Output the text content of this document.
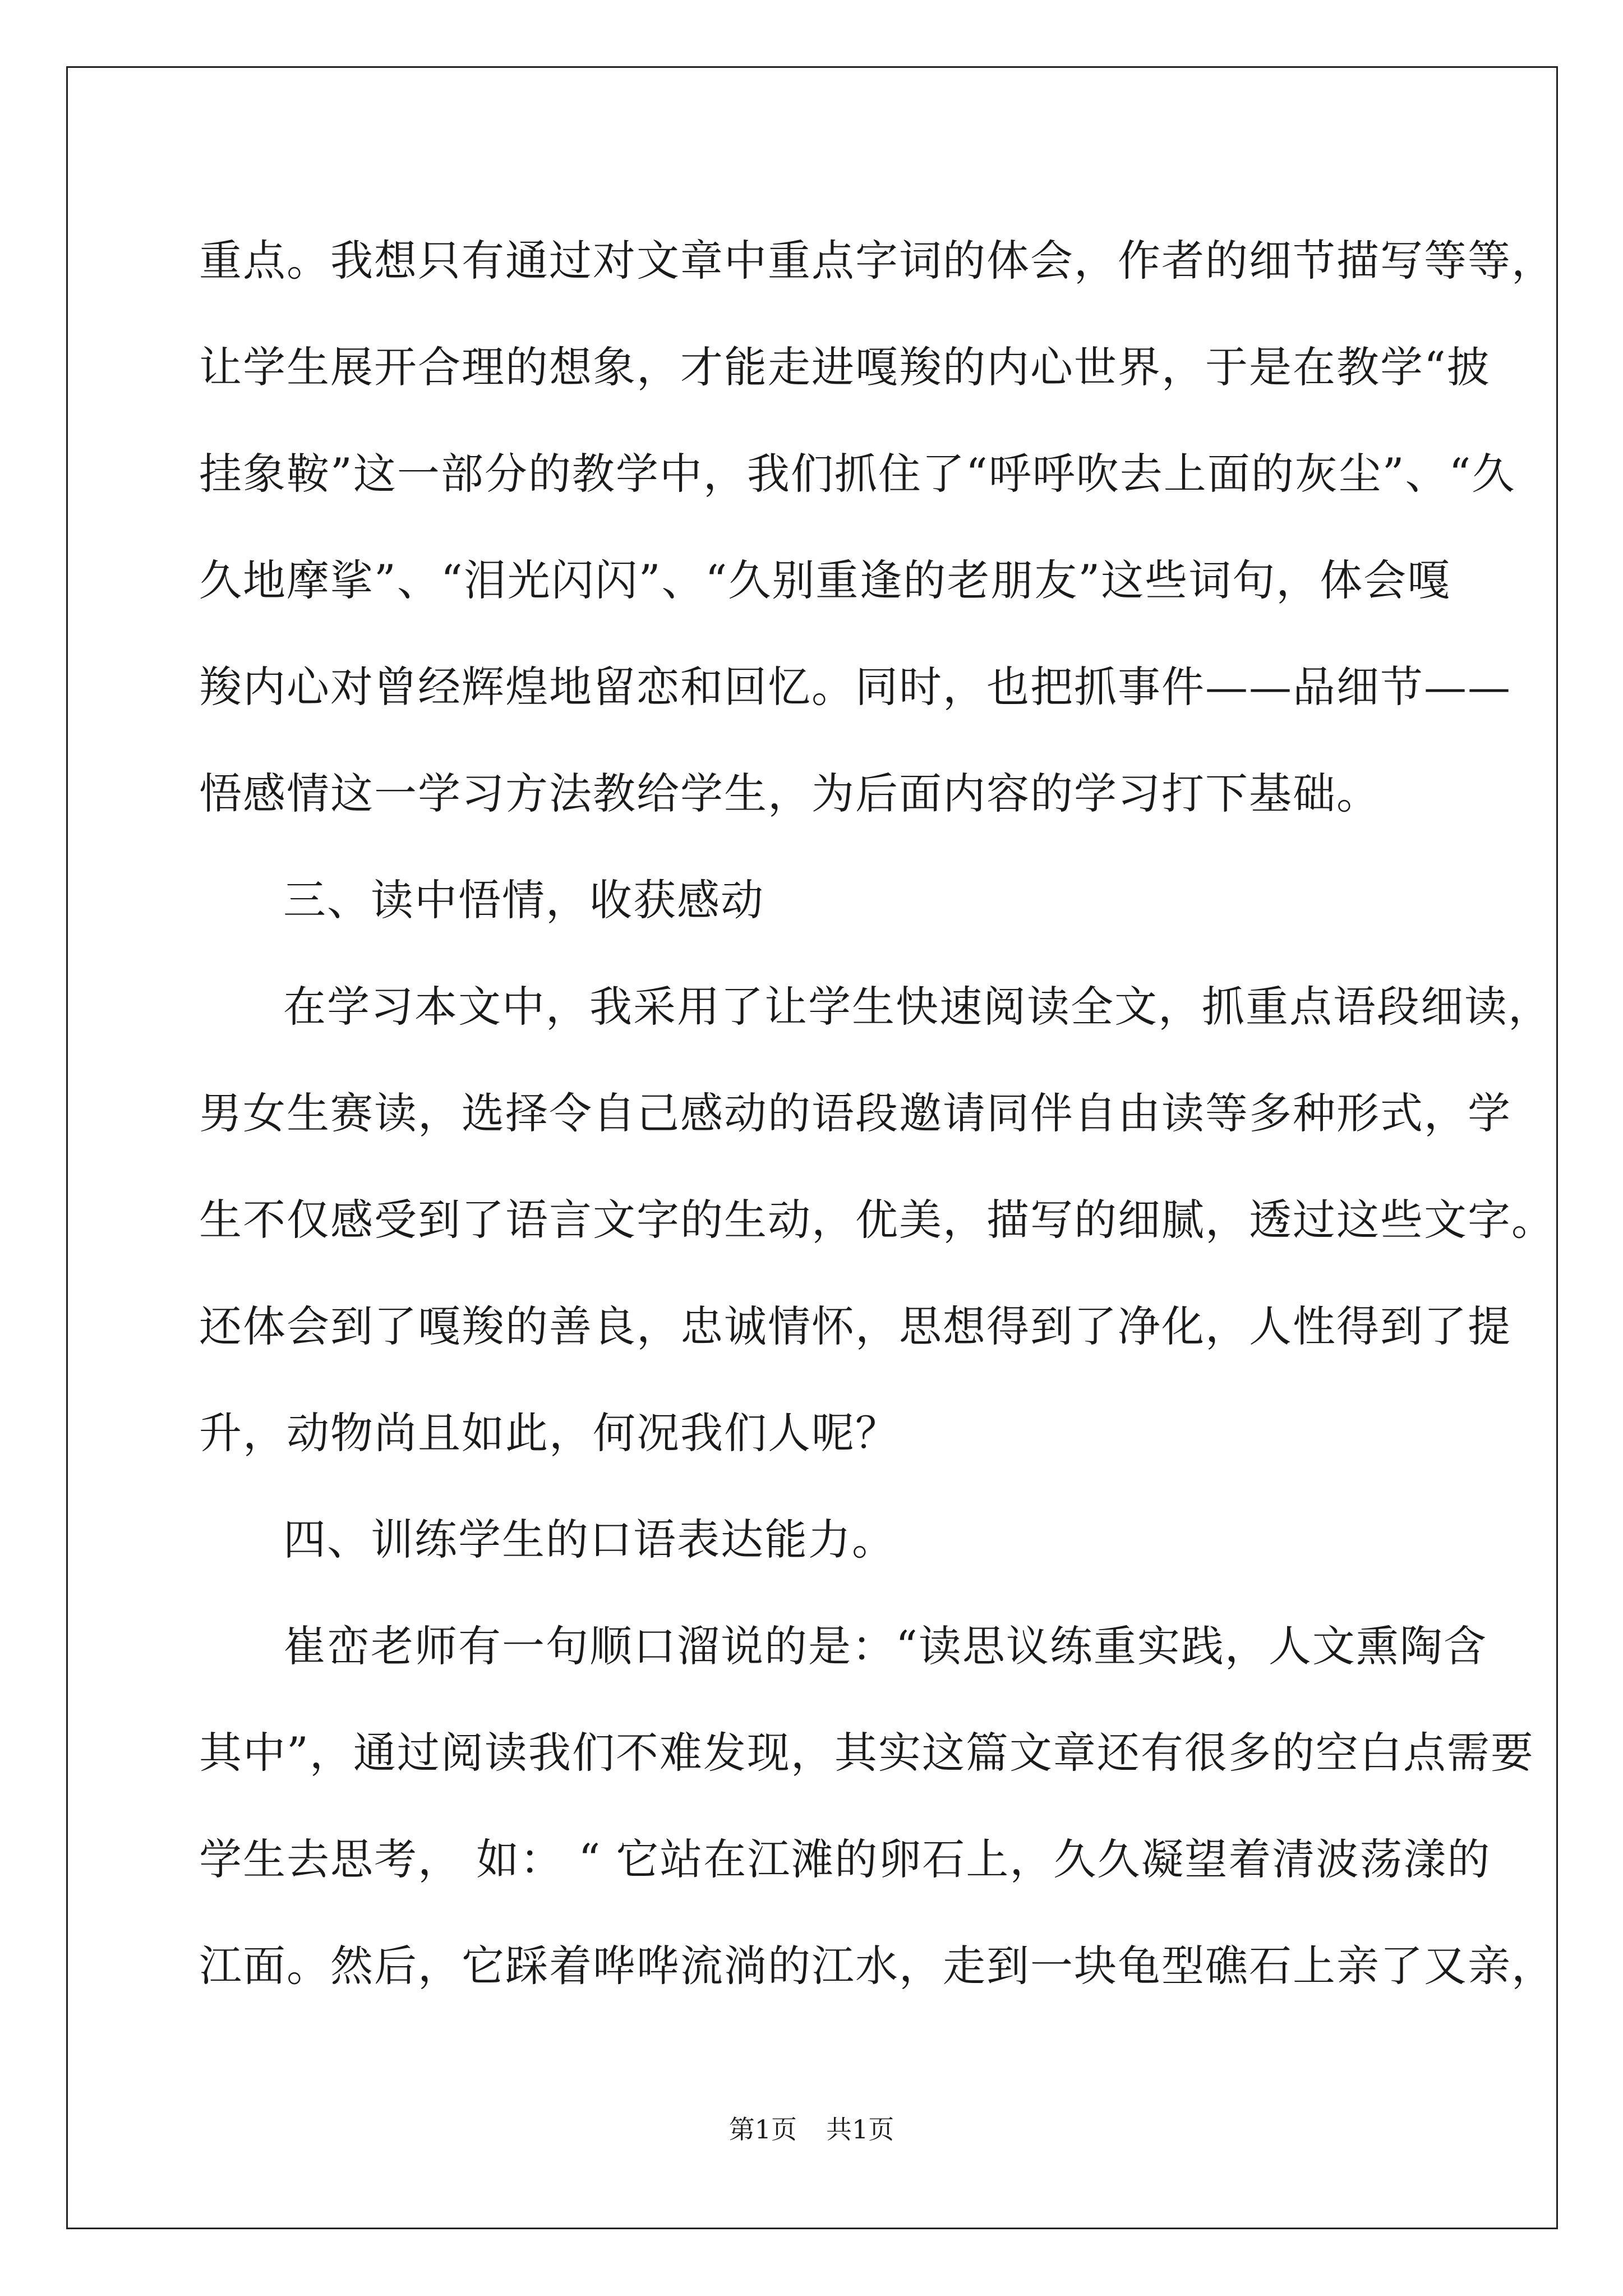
重点。我想只有通过对文章中重点字词的体会，作者的细节描写等等，
让学生展开合理的想象，才能走进嘎羧的内心世界，于是在教学“披
挂象鞍”这一部分的教学中，我们抓住了“呼呼吹去上面的灰尘”、“久
久地摩挲”、“泪光闪闪”、“久别重逢的老朋友”这些词句，体会嘎
羧内心对曾经辉煌地留恋和回忆。同时，也把抓事件——品细节——
悟感情这一学习方法教给学生，为后面内容的学习打下基础。
三、读中悟情，收获感动
在学习本文中，我采用了让学生快速阅读全文，抓重点语段细读，
男女生赛读，选择令自己感动的语段邀请同伴自由读等多种形式，学
生不仅感受到了语言文字的生动，优美，描写的细腻，透过这些文字。
还体会到了嘎羧的善良，忠诚情怀，思想得到了净化，人性得到了提
升，动物尚且如此，何况我们人呢？
四、训练学生的口语表达能力。
崔峦老师有一句顺口溜说的是：“读思议练重实践，人文熏陶含
其中”，通过阅读我们不难发现，其实这篇文章还有很多的空白点需要
学生去思考， 如： “ 它站在江滩的卵石上，久久凝望着清波荡漾的
江面。然后，它踩着哗哗流淌的江水，走到一块龟型礁石上亲了又亲，
第1页 共1页
